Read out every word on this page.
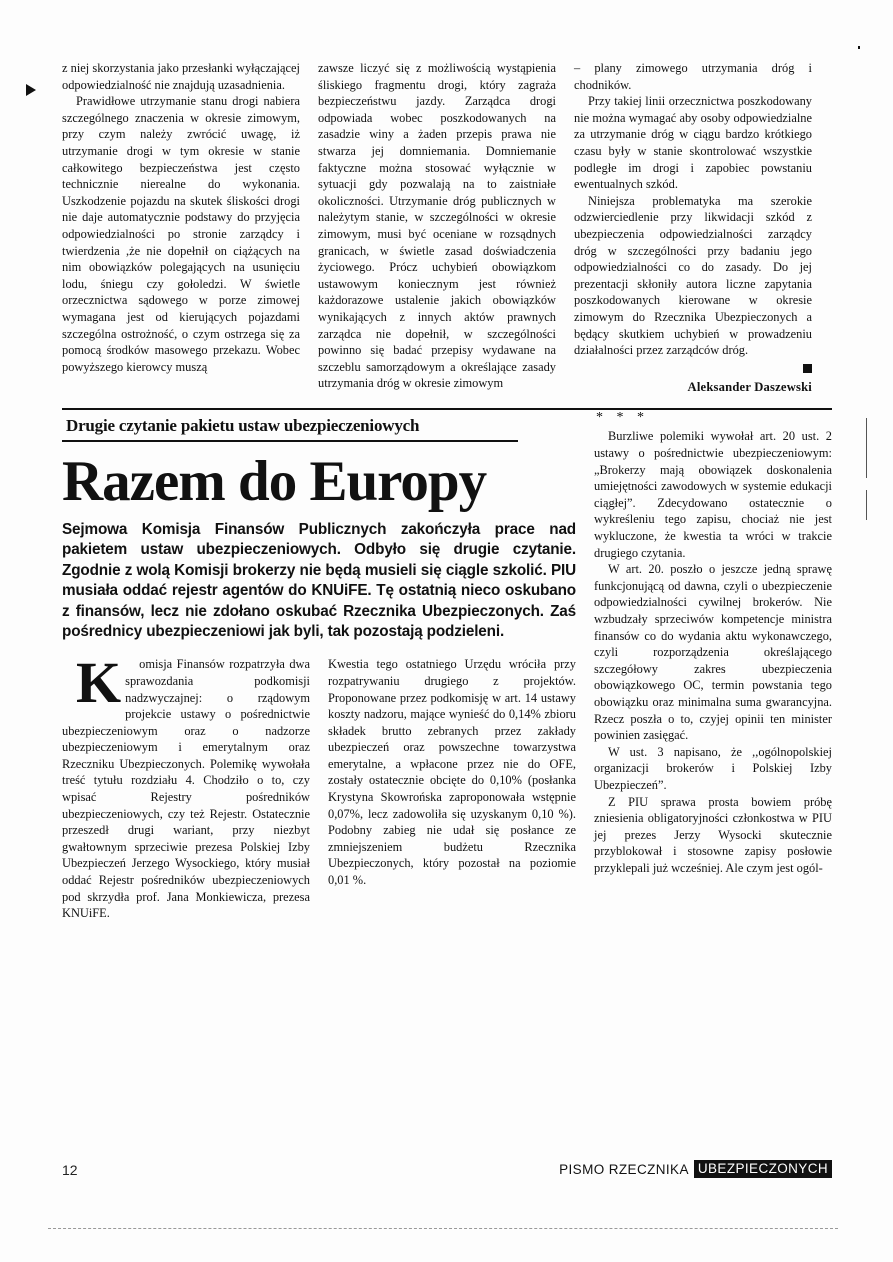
z niej skorzystania jako przesłanki wyłączającej odpowiedzialność nie znajdują uzasadnienia.

Prawidłowe utrzymanie stanu drogi nabiera szczególnego znaczenia w okresie zimowym, przy czym należy zwrócić uwagę, iż utrzymanie drogi w tym okresie w stanie całkowitego bezpieczeństwa jest często technicznie nierealne do wykonania. Uszkodzenie pojazdu na skutek śliskości drogi nie daje automatycznie podstawy do przyjęcia odpowiedzialności po stronie zarządcy i twierdzenia ,że nie dopełnił on ciążących na nim obowiązków polegających na usunięciu lodu, śniegu czy gołoledzi. W świetle orzecznictwa sądowego w porze zimowej wymagana jest od kierujących pojazdami szczególna ostrożność, o czym ostrzega się za pomocą środków masowego przekazu. Wobec powyższego kierowcy muszą

zawsze liczyć się z możliwością wystąpienia śliskiego fragmentu drogi, który zagraża bezpieczeństwu jazdy. Zarządca drogi odpowiada wobec poszkodowanych na zasadzie winy a żaden przepis prawa nie stwarza jej domniemania. Domniemanie faktyczne można stosować wyłącznie w sytuacji gdy pozwalają na to zaistniałe okoliczności. Utrzymanie dróg publicznych w należytym stanie, w szczególności w okresie zimowym, musi być oceniane w rozsądnych granicach, w świetle zasad doświadczenia życiowego. Prócz uchybień obowiązkom ustawowym koniecznym jest również każdorazowe ustalenie jakich obowiązków wynikających z innych aktów prawnych zarządca nie dopełnił, w szczególności powinno się badać przepisy wydawane na szczeblu samorządowym a określające zasady utrzymania dróg w okresie zimowym

– plany zimowego utrzymania dróg i chodników.

Przy takiej linii orzecznictwa poszkodowany nie można wymagać aby osoby odpowiedzialne za utrzymanie dróg w ciągu bardzo krótkiego czasu były w stanie skontrolować wszystkie podległe im drogi i zapobiec powstaniu ewentualnych szkód.

Niniejsza problematyka ma szerokie odzwierciedlenie przy likwidacji szkód z ubezpieczenia odpowiedzialności zarządcy dróg w szczególności przy badaniu jego odpowiedzialności co do zasady. Do jej prezentacji skłoniły autora liczne zapytania poszkodowanych kierowane w okresie zimowym do Rzecznika Ubezpieczonych a będący skutkiem uchybień w prowadzeniu działalności przez zarządców dróg.

Aleksander Daszewski
Drugie czytanie pakietu ustaw ubezpieczeniowych
Razem do Europy

Sejmowa Komisja Finansów Publicznych zakończyła prace nad pakietem ustaw ubezpieczeniowych. Odbyło się drugie czytanie. Zgodnie z wolą Komisji brokerzy nie będą musieli się ciągle szkolić. PIU musiała oddać rejestr agentów do KNUiFE. Tę ostatnią nieco oskubano z finansów, lecz nie zdołano oskubać Rzecznika Ubezpieczonych. Zaś pośrednicy ubezpieczeniowi jak byli, tak pozostają podzieleni.

K	omisja Finansów rozpatrzyła dwa sprawozdania podkomisji nadzwyczajnej: o rządowym projekcie ustawy o pośrednictwie ubezpieczeniowym oraz o nadzorze ubezpieczeniowym i emerytalnym oraz Rzeczniku Ubezpieczonych. Polemikę wywołała treść tytułu rozdziału 4. Chodziło o to, czy wpisać Rejestry pośredników ubezpieczeniowych, czy też Rejestr. Ostatecznie przeszedł drugi wariant, przy niezbyt gwałtownym sprzeciwie prezesa Polskiej Izby Ubezpieczeń Jerzego Wysockiego, który musiał oddać Rejestr pośredników ubezpieczeniowych pod skrzydła prof. Jana Monkiewicza, prezesa KNUiFE.

Kwestia tego ostatniego Urzędu wróciła przy rozpatrywaniu drugiego z projektów. Proponowane przez podkomisję w art. 14 ustawy koszty nadzoru, mające wynieść do 0,14% zbioru składek brutto zebranych przez zakłady ubezpieczeń oraz powszechne towarzystwa emerytalne, a wpłacone przez nie do OFE, zostały ostatecznie obcięte do 0,10% (posłanka Krystyna Skowrońska zaproponowała wstępnie 0,07%, lecz zadowoliła się uzyskanym 0,10 %). Podobny zabieg nie udał się posłance ze zmniejszeniem budżetu Rzecznika Ubezpieczonych, który pozostał na poziomie 0,01 %.

* * *

Burzliwe polemiki wywołał art. 20 ust. 2 ustawy o pośrednictwie ubezpieczeniowym: „Brokerzy mają obowiązek doskonalenia umiejętności zawodowych w systemie edukacji ciągłej”. Zdecydowano ostatecznie o wykreśleniu tego zapisu, chociaż nie jest wykluczone, że kwestia ta wróci w trakcie drugiego czytania.

W art. 20. poszło o jeszcze jedną sprawę funkcjonującą od dawna, czyli o ubezpieczenie odpowiedzialności cywilnej brokerów. Nie wzbudzały sprzeciwów kompetencje ministra finansów co do wydania aktu wykonawczego, czyli rozporządzenia określającego szczegółowy zakres ubezpieczenia obowiązkowego OC, termin powstania tego obowiązku oraz minimalna suma gwarancyjna. Rzecz poszła o to, czyjej opinii ten minister powinien zasięgać.

W ust. 3 napisano, że ,,ogólnopolskiej organizacji brokerów i Polskiej Izby Ubezpieczeń”.

Z PIU sprawa prosta bowiem próbę zniesienia obligatoryjności członkostwa w PIU jej prezes Jerzy Wysocki skutecznie przyblokował i stosowne zapisy posłowie przyklepali już wcześniej. Ale czym jest ogól-

12	PISMO RZECZNIKA UBEZPIECZONYCH
